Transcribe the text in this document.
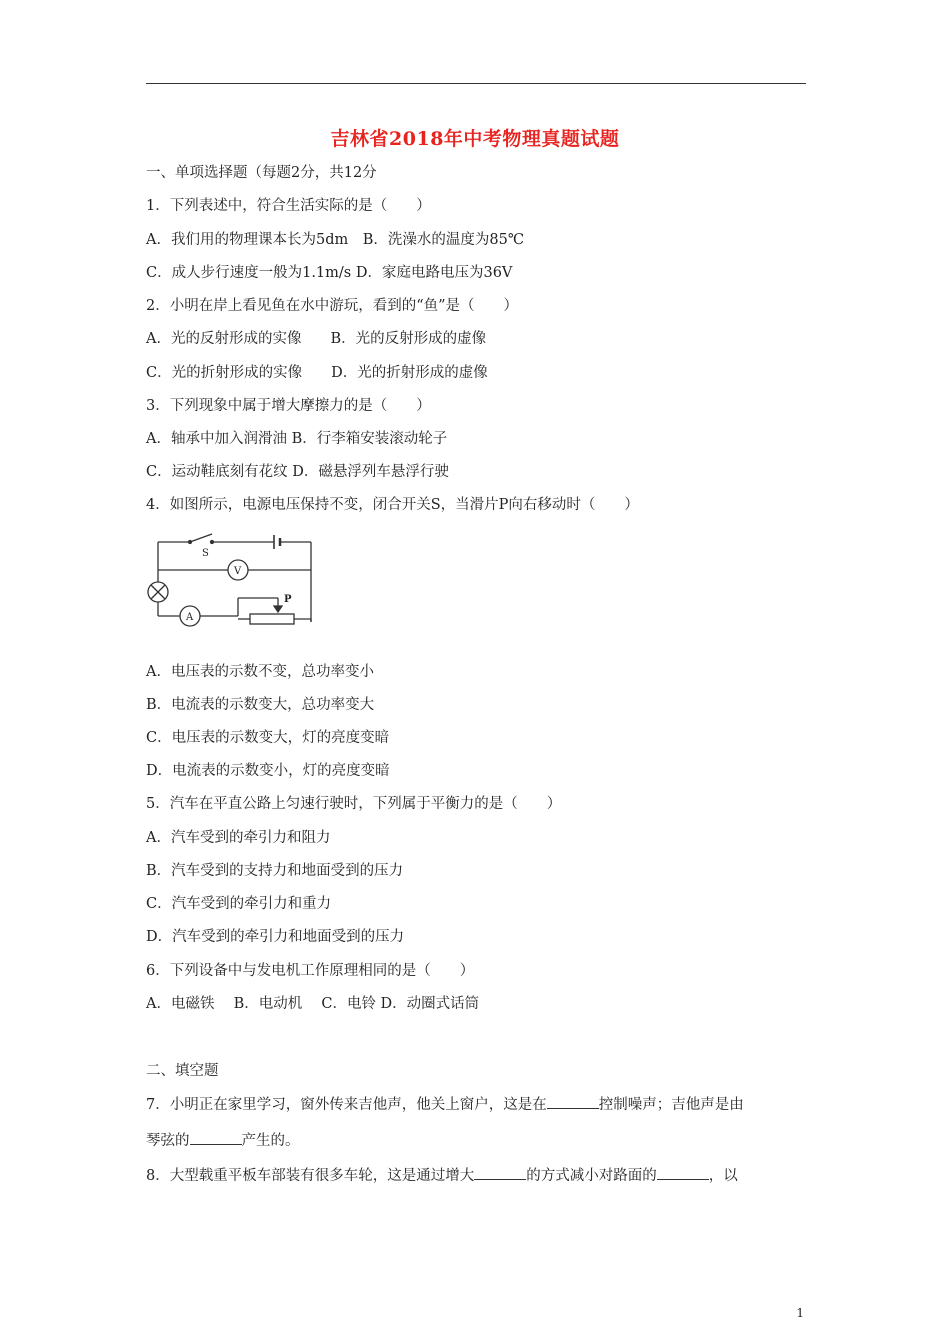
吉林省2018年中考物理真题试题
一、单项选择题（每题2分，共12分
1．下列表述中，符合生活实际的是（　　）
A．我们用的物理课本长为5dm　B．洗澡水的温度为85℃
C．成人步行速度一般为1.1m/s D．家庭电路电压为36V
2．小明在岸上看见鱼在水中游玩，看到的“鱼”是（　　）
A．光的反射形成的实像　　B．光的反射形成的虚像
C．光的折射形成的实像　　D．光的折射形成的虚像
3．下列现象中属于增大摩擦力的是（　　）
A．轴承中加入润滑油 B．行李箱安装滚动轮子
C．运动鞋底刻有花纹 D．磁悬浮列车悬浮行驶
4．如图所示，电源电压保持不变，闭合开关S，当滑片P向右移动时（　　）
S
V
A
P
A．电压表的示数不变，总功率变小
B．电流表的示数变大，总功率变大
C．电压表的示数变大，灯的亮度变暗
D．电流表的示数变小，灯的亮度变暗
5．汽车在平直公路上匀速行驶时，下列属于平衡力的是（　　）
A．汽车受到的牵引力和阻力
B．汽车受到的支持力和地面受到的压力
C．汽车受到的牵引力和重力
D．汽车受到的牵引力和地面受到的压力
6．下列设备中与发电机工作原理相同的是（　　）
A．电磁铁　 B．电动机　 C．电铃 D．动圈式话筒
二、填空题
7．小明正在家里学习，窗外传来吉他声，他关上窗户，这是在	控制噪声；吉他声是由
琴弦的	产生的。
8．大型载重平板车部装有很多车轮，这是通过增大	的方式减小对路面的	，以
1
